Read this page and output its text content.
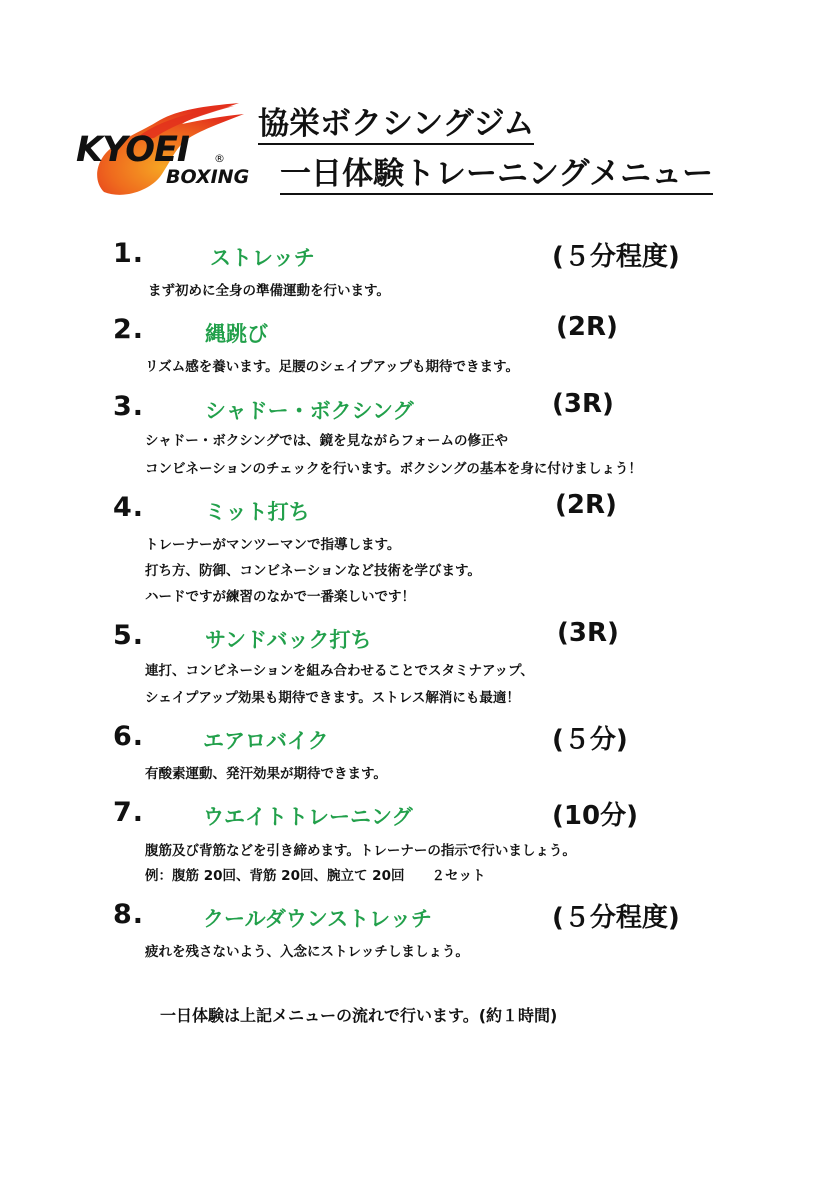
KYOEI ®
BOXING
協栄ボクシングジム
一日体験トレーニングメニュー
1.	ストレッチ	(５分程度)
まず初めに全身の準備運動を行います。
2.	縄跳び	(2R)
リズム感を養います。足腰のシェイプアップも期待できます。
3.	シャドー・ボクシング	(3R)
シャドー・ボクシングでは、鏡を見ながらフォームの修正や
コンビネーションのチェックを行います。ボクシングの基本を身に付けましょう！
4.	ミット打ち	(2R)
トレーナーがマンツーマンで指導します。
打ち方、防御、コンビネーションなど技術を学びます。
ハードですが練習のなかで一番楽しいです！
5.	サンドバック打ち	(3R)
連打、コンビネーションを組み合わせることでスタミナアップ、
シェイプアップ効果も期待できます。ストレス解消にも最適！
6.	エアロバイク	(５分)
有酸素運動、発汗効果が期待できます。
7.	ウエイトトレーニング	(10分)
腹筋及び背筋などを引き締めます。トレーナーの指示で行いましょう。
例：腹筋 20回、背筋 20回、腕立て 20回　　２セット
8.	クールダウンストレッチ	(５分程度)
疲れを残さないよう、入念にストレッチしましょう。
一日体験は上記メニューの流れで行います。(約１時間)
